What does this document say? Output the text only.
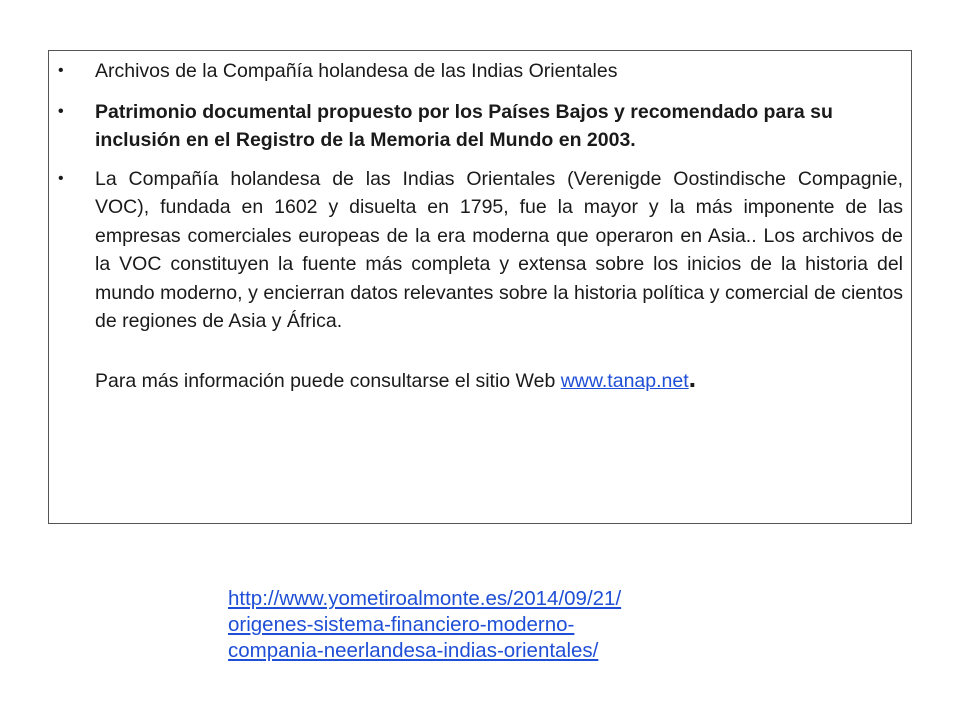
• Archivos de la Compañía holandesa de las Indias Orientales
• Patrimonio documental propuesto por los Países Bajos y recomendado para su inclusión en el Registro de la Memoria del Mundo en 2003.
• La Compañía holandesa de las Indias Orientales (Verenigde Oostindische Compagnie, VOC), fundada en 1602 y disuelta en 1795, fue la mayor y la más imponente de las empresas comerciales europeas de la era moderna que operaron en Asia.. Los archivos de la VOC constituyen la fuente más completa y extensa sobre los inicios de la historia del mundo moderno, y encierran datos relevantes sobre la historia política y comercial de cientos de regiones de Asia y África.
Para más información puede consultarse el sitio Web www.tanap.net.
http://www.yometiroalmonte.es/2014/09/21/
origenes-sistema-financiero-moderno-
compania-neerlandesa-indias-orientales/
